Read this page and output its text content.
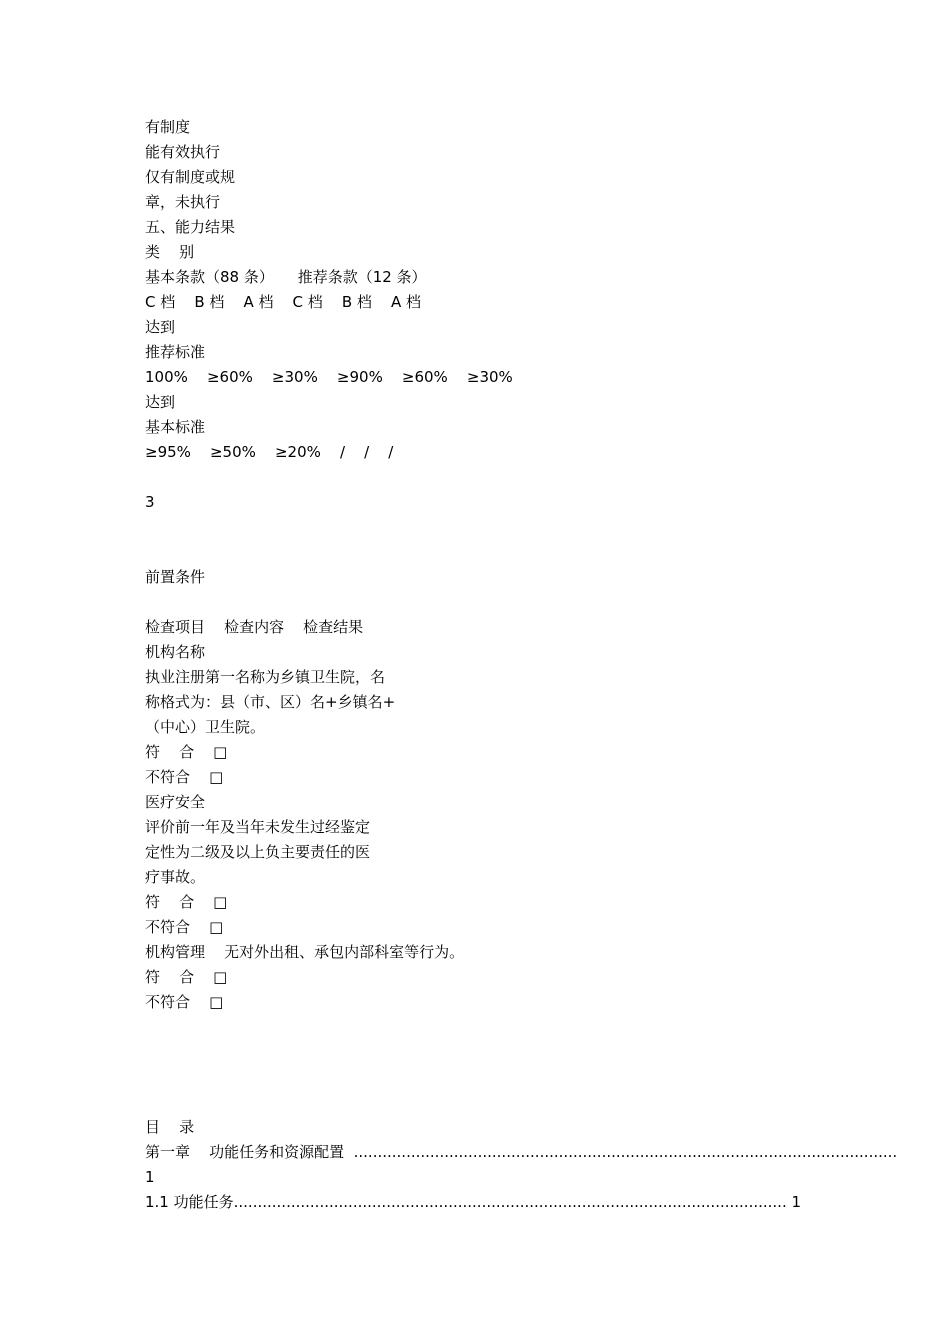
有制度
能有效执行
仅有制度或规
章，未执行
五、能力结果
类    别
基本条款（88 条）     推荐条款（12 条）
C 档    B 档    A 档    C 档    B 档    A 档
达到
推荐标准
100%    ≥60%    ≥30%    ≥90%    ≥60%    ≥30%
达到
基本标准
≥95%    ≥50%    ≥20%    /    /    /
3
前置条件
检查项目    检查内容    检查结果
机构名称
执业注册第一名称为乡镇卫生院，名
称格式为：县（市、区）名+乡镇名+
（中心）卫生院。
符    合    □
不符合    □
医疗安全
评价前一年及当年未发生过经鉴定
定性为二级及以上负主要责任的医
疗事故。
符    合    □
不符合    □
机构管理    无对外出租、承包内部科室等行为。
符    合    □
不符合    □
目    录
第一章    功能任务和资源配置 ..................................................................................................................
1
1.1 功能任务 .................................................................................................................... 1
